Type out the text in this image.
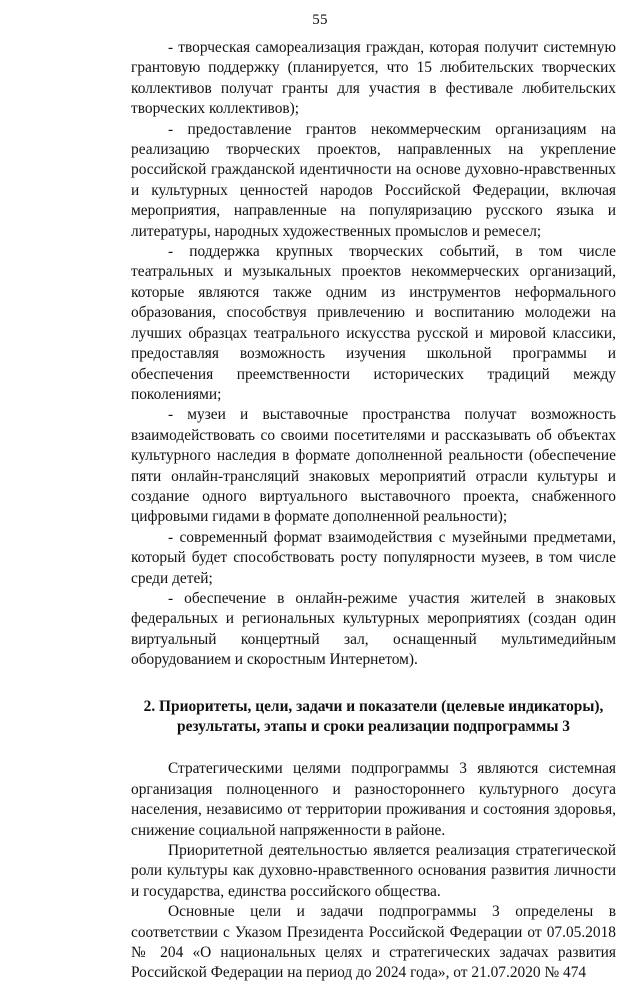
55

- творческая самореализация граждан, которая получит системную грантовую поддержку (планируется, что 15 любительских творческих коллективов получат гранты для участия в фестивале любительских творческих коллективов);

- предоставление грантов некоммерческим организациям на реализацию творческих проектов, направленных на укрепление российской гражданской идентичности на основе духовно-нравственных и культурных ценностей народов Российской Федерации, включая мероприятия, направленные на популяризацию русского языка и литературы, народных художественных промыслов и ремесел;

- поддержка крупных творческих событий, в том числе театральных и музыкальных проектов некоммерческих организаций, которые являются также одним из инструментов неформального образования, способствуя привлечению и воспитанию молодежи на лучших образцах театрального искусства русской и мировой классики, предоставляя возможность изучения школьной программы и обеспечения преемственности исторических традиций между поколениями;

- музеи и выставочные пространства получат возможность взаимодействовать со своими посетителями и рассказывать об объектах культурного наследия в формате дополненной реальности (обеспечение пяти онлайн-трансляций знаковых мероприятий отрасли культуры и создание одного виртуального выставочного проекта, снабженного цифровыми гидами в формате дополненной реальности);

- современный формат взаимодействия с музейными предметами, который будет способствовать росту популярности музеев, в том числе среди детей;

- обеспечение в онлайн-режиме участия жителей в знаковых федеральных и региональных культурных мероприятиях (создан один виртуальный концертный зал, оснащенный мультимедийным оборудованием и скоростным Интернетом).

2. Приоритеты, цели, задачи и показатели (целевые индикаторы),
результаты, этапы и сроки реализации подпрограммы 3

Стратегическими целями подпрограммы 3 являются системная организация полноценного и разностороннего культурного досуга населения, независимо от территории проживания и состояния здоровья, снижение социальной напряженности в районе.

Приоритетной деятельностью является реализация стратегической роли культуры как духовно-нравственного основания развития личности и государства, единства российского общества.

Основные цели и задачи подпрограммы 3 определены в соответствии с Указом Президента Российской Федерации от 07.05.2018 № 204 «О национальных целях и стратегических задачах развития Российской Федерации на период до 2024 года», от 21.07.2020 № 474
